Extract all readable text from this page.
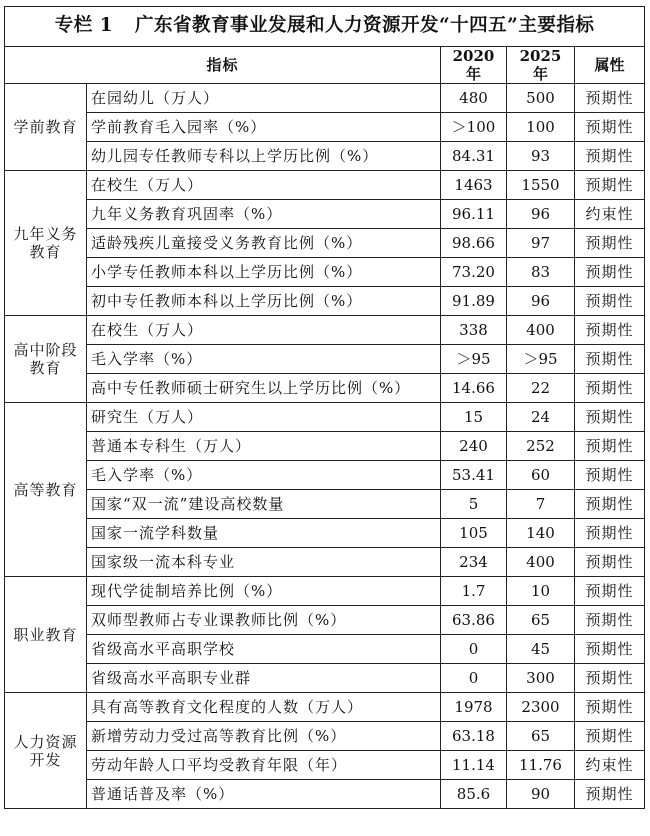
专栏 1 广东省教育事业发展和人力资源开发“十四五”主要指标				
指标		2020 年	2025 年	属性
学前教育	在园幼儿（万人）	480	500	预期性
	学前教育毛入园率（%）	＞100	100	预期性
	幼儿园专任教师专科以上学历比例（%）	84.31	93	预期性
九年义务
教育	在校生（万人）	1463	1550	预期性
	九年义务教育巩固率（%）	96.11	96	约束性
	适龄残疾儿童接受义务教育比例（%）	98.66	97	预期性
	小学专任教师本科以上学历比例（%）	73.20	83	预期性
	初中专任教师本科以上学历比例（%）	91.89	96	预期性
高中阶段
教育	在校生（万人）	338	400	预期性
	毛入学率（%）	＞95	＞95	预期性
	高中专任教师硕士研究生以上学历比例（%）	14.66	22	预期性
高等教育	研究生（万人）	15	24	预期性
	普通本专科生（万人）	240	252	预期性
	毛入学率（%）	53.41	60	预期性
	国家“双一流”建设高校数量	5	7	预期性
	国家一流学科数量	105	140	预期性
	国家级一流本科专业	234	400	预期性
职业教育	现代学徒制培养比例（%）	1.7	10	预期性
	双师型教师占专业课教师比例（%）	63.86	65	预期性
	省级高水平高职学校	0	45	预期性
	省级高水平高职专业群	0	300	预期性
人力资源
开发	具有高等教育文化程度的人数（万人）	1978	2300	预期性
	新增劳动力受过高等教育比例（%）	63.18	65	预期性
	劳动年龄人口平均受教育年限（年）	11.14	11.76	约束性
	普通话普及率（%）	85.6	90	预期性
